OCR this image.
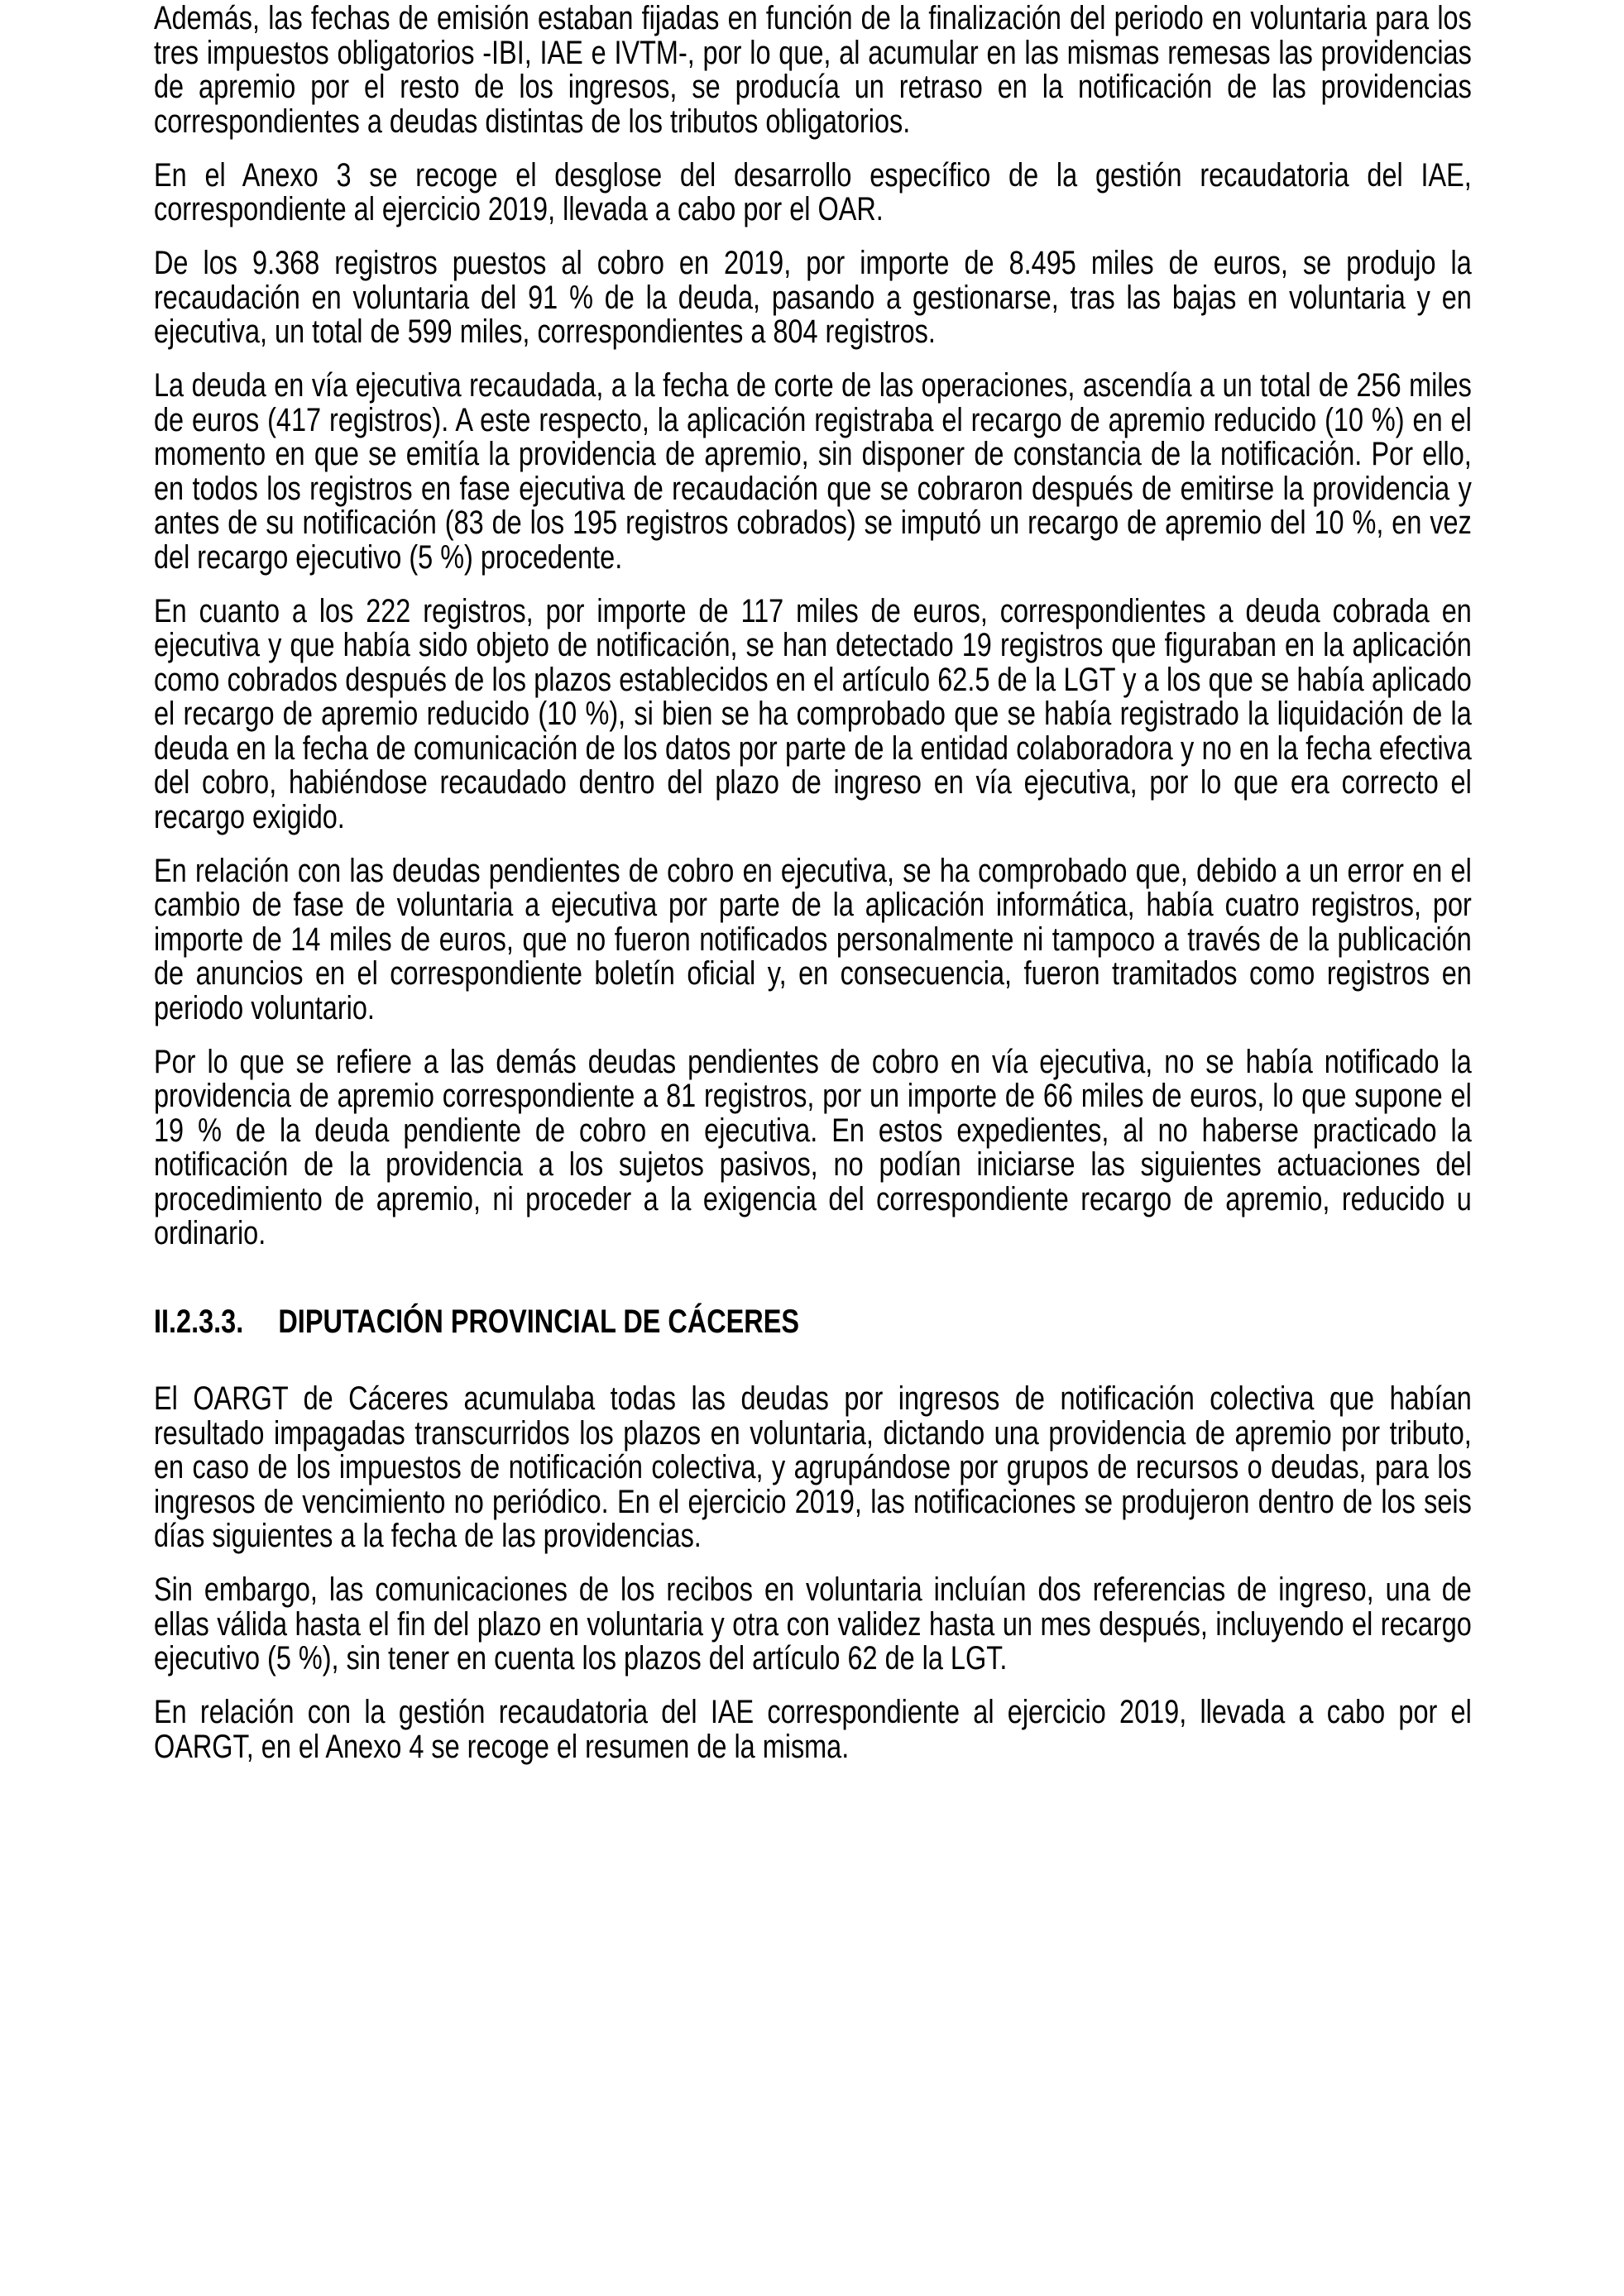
Además, las fechas de emisión estaban fijadas en función de la finalización del periodo en voluntaria para los tres impuestos obligatorios -IBI, IAE e IVTM-, por lo que, al acumular en las mismas remesas las providencias de apremio por el resto de los ingresos, se producía un retraso en la notificación de las providencias correspondientes a deudas distintas de los tributos obligatorios.

En el Anexo 3 se recoge el desglose del desarrollo específico de la gestión recaudatoria del IAE, correspondiente al ejercicio 2019, llevada a cabo por el OAR.

De los 9.368 registros puestos al cobro en 2019, por importe de 8.495 miles de euros, se produjo la recaudación en voluntaria del 91 % de la deuda, pasando a gestionarse, tras las bajas en voluntaria y en ejecutiva, un total de 599 miles, correspondientes a 804 registros.

La deuda en vía ejecutiva recaudada, a la fecha de corte de las operaciones, ascendía a un total de 256 miles de euros (417 registros). A este respecto, la aplicación registraba el recargo de apremio reducido (10 %) en el momento en que se emitía la providencia de apremio, sin disponer de constancia de la notificación. Por ello, en todos los registros en fase ejecutiva de recaudación que se cobraron después de emitirse la providencia y antes de su notificación (83 de los 195 registros cobrados) se imputó un recargo de apremio del 10 %, en vez del recargo ejecutivo (5 %) procedente.

En cuanto a los 222 registros, por importe de 117 miles de euros, correspondientes a deuda cobrada en ejecutiva y que había sido objeto de notificación, se han detectado 19 registros que figuraban en la aplicación como cobrados después de los plazos establecidos en el artículo 62.5 de la LGT y a los que se había aplicado el recargo de apremio reducido (10 %), si bien se ha comprobado que se había registrado la liquidación de la deuda en la fecha de comunicación de los datos por parte de la entidad colaboradora y no en la fecha efectiva del cobro, habiéndose recaudado dentro del plazo de ingreso en vía ejecutiva, por lo que era correcto el recargo exigido.

En relación con las deudas pendientes de cobro en ejecutiva, se ha comprobado que, debido a un error en el cambio de fase de voluntaria a ejecutiva por parte de la aplicación informática, había cuatro registros, por importe de 14 miles de euros, que no fueron notificados personalmente ni tampoco a través de la publicación de anuncios en el correspondiente boletín oficial y, en consecuencia, fueron tramitados como registros en periodo voluntario.

Por lo que se refiere a las demás deudas pendientes de cobro en vía ejecutiva, no se había notificado la providencia de apremio correspondiente a 81 registros, por un importe de 66 miles de euros, lo que supone el 19 % de la deuda pendiente de cobro en ejecutiva. En estos expedientes, al no haberse practicado la notificación de la providencia a los sujetos pasivos, no podían iniciarse las siguientes actuaciones del procedimiento de apremio, ni proceder a la exigencia del correspondiente recargo de apremio, reducido u ordinario.

II.2.3.3. DIPUTACIÓN PROVINCIAL DE CÁCERES

El OARGT de Cáceres acumulaba todas las deudas por ingresos de notificación colectiva que habían resultado impagadas transcurridos los plazos en voluntaria, dictando una providencia de apremio por tributo, en caso de los impuestos de notificación colectiva, y agrupándose por grupos de recursos o deudas, para los ingresos de vencimiento no periódico. En el ejercicio 2019, las notificaciones se produjeron dentro de los seis días siguientes a la fecha de las providencias.

Sin embargo, las comunicaciones de los recibos en voluntaria incluían dos referencias de ingreso, una de ellas válida hasta el fin del plazo en voluntaria y otra con validez hasta un mes después, incluyendo el recargo ejecutivo (5 %), sin tener en cuenta los plazos del artículo 62 de la LGT.

En relación con la gestión recaudatoria del IAE correspondiente al ejercicio 2019, llevada a cabo por el OARGT, en el Anexo 4 se recoge el resumen de la misma.
